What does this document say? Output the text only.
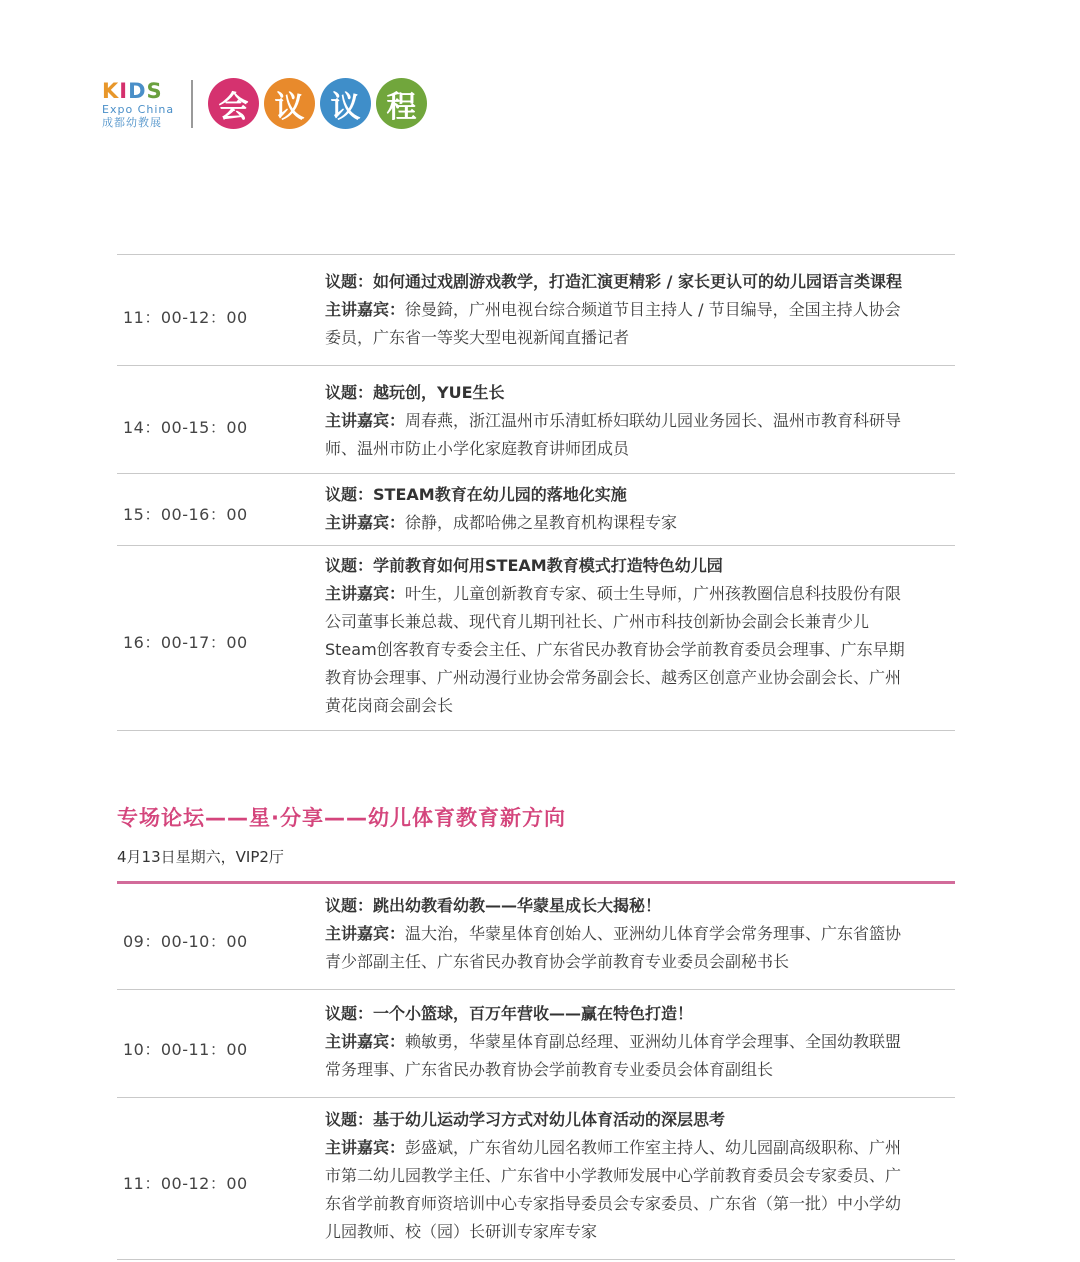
KIDS
Expo China
成都幼教展	会 议 议 程
11：00-12：00
议题：如何通过戏剧游戏教学，打造汇演更精彩 / 家长更认可的幼儿园语言类课程
主讲嘉宾：徐曼錡，广州电视台综合频道节目主持人 / 节目编导，全国主持人协会委员，广东省一等奖大型电视新闻直播记者
14：00-15：00
议题：越玩创，YUE生长
主讲嘉宾：周春燕，浙江温州市乐清虹桥妇联幼儿园业务园长、温州市教育科研导师、温州市防止小学化家庭教育讲师团成员
15：00-16：00
议题：STEAM教育在幼儿园的落地化实施
主讲嘉宾：徐静，成都哈佛之星教育机构课程专家
16：00-17：00
议题：学前教育如何用STEAM教育模式打造特色幼儿园
主讲嘉宾：叶生，儿童创新教育专家、硕士生导师，广州孩教圈信息科技股份有限公司董事长兼总裁、现代育儿期刊社长、广州市科技创新协会副会长兼青少儿Steam创客教育专委会主任、广东省民办教育协会学前教育委员会理事、广东早期教育协会理事、广州动漫行业协会常务副会长、越秀区创意产业协会副会长、广州黄花岗商会副会长
专场论坛——星·分享——幼儿体育教育新方向
4月13日星期六，VIP2厅
09：00-10：00
议题：跳出幼教看幼教——华蒙星成长大揭秘！
主讲嘉宾：温大治，华蒙星体育创始人、亚洲幼儿体育学会常务理事、广东省篮协青少部副主任、广东省民办教育协会学前教育专业委员会副秘书长
10：00-11：00
议题：一个小篮球，百万年营收——赢在特色打造！
主讲嘉宾：赖敏勇，华蒙星体育副总经理、亚洲幼儿体育学会理事、全国幼教联盟常务理事、广东省民办教育协会学前教育专业委员会体育副组长
11：00-12：00
议题：基于幼儿运动学习方式对幼儿体育活动的深层思考
主讲嘉宾：彭盛斌，广东省幼儿园名教师工作室主持人、幼儿园副高级职称、广州市第二幼儿园教学主任、广东省中小学教师发展中心学前教育委员会专家委员、广东省学前教育师资培训中心专家指导委员会专家委员、广东省（第一批）中小学幼儿园教师、校（园）长研训专家库专家
